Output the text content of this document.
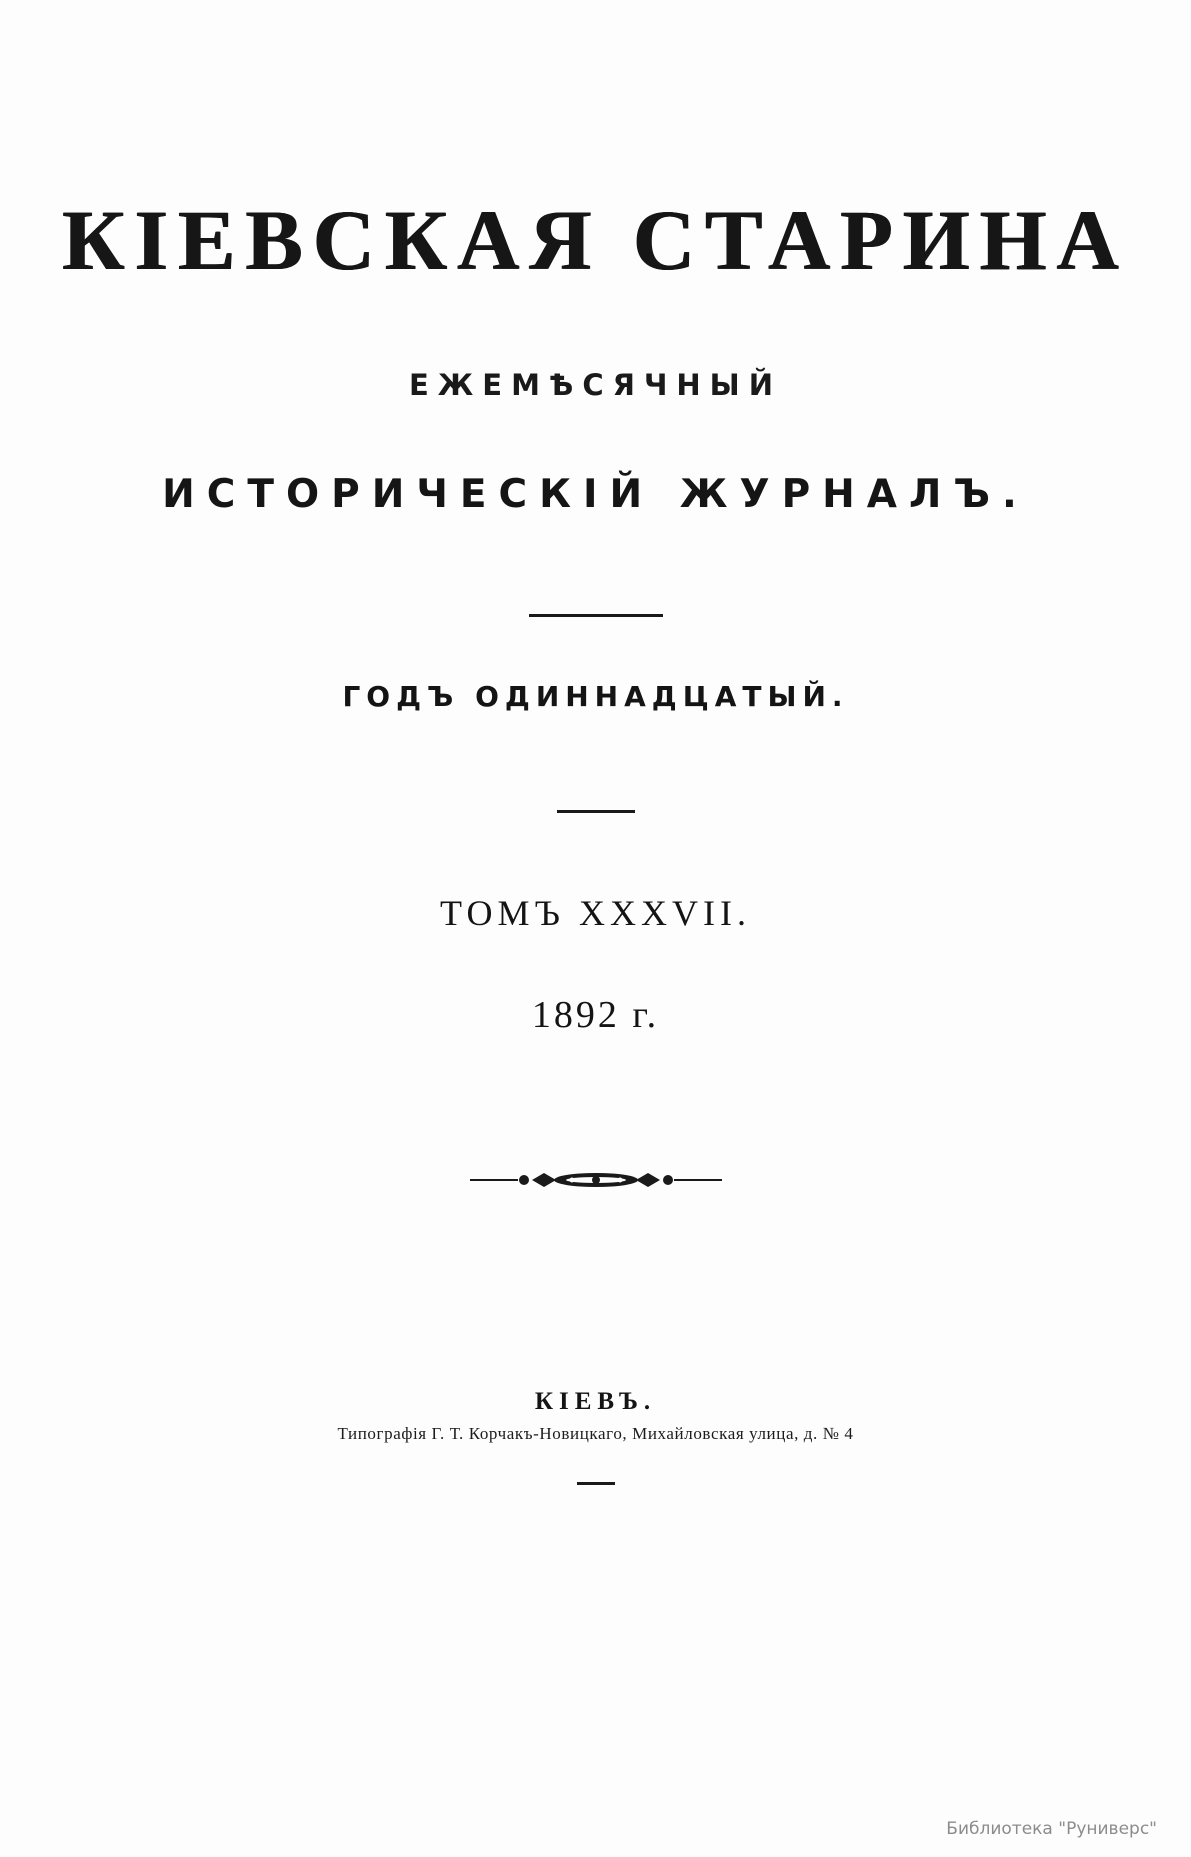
КІЕВСКАЯ СТАРИНА
ЕЖЕМѢСЯЧНЫЙ
ИСТОРИЧЕСКІЙ ЖУРНАЛЪ.
ГОДЪ ОДИННАДЦАТЫЙ.
ТОМЪ XXXVII.
1892 г.
КІЕВЪ.
Типографія Г. Т. Корчакъ-Новицкаго, Михайловская улица, д. № 4
Библиотека "Руниверс"
